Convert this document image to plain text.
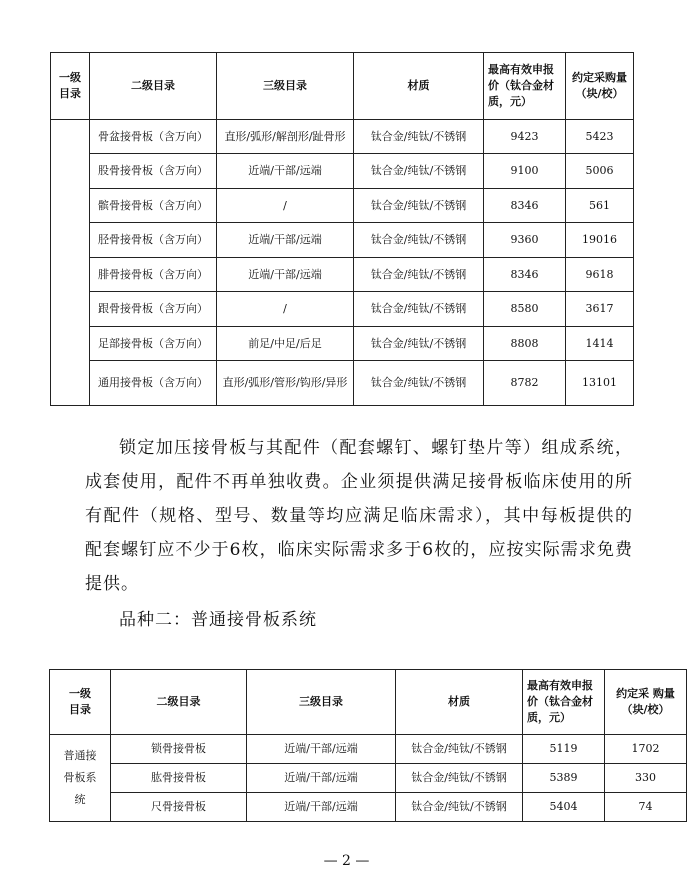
一级
目录	二级目录	三级目录	材质	最高有效申报
价（钛合金材
质，元）	约定采购量
（块/校）
	骨盆接骨板（含万向）	直形/弧形/解剖形/趾骨形	钛合金/纯钛/不锈钢	9423	5423
	股骨接骨板（含万向）	近端/干部/远端	钛合金/纯钛/不锈钢	9100	5006
	髌骨接骨板（含万向）	/	钛合金/纯钛/不锈钢	8346	561
	胫骨接骨板（含万向）	近端/干部/远端	钛合金/纯钛/不锈钢	9360	19016
	腓骨接骨板（含万向）	近端/干部/远端	钛合金/纯钛/不锈钢	8346	9618
	跟骨接骨板（含万向）	/	钛合金/纯钛/不锈钢	8580	3617
	足部接骨板（含万向）	前足/中足/后足	钛合金/纯钛/不锈钢	8808	1414
	通用接骨板（含万向）	直形/弧形/管形/钩形/异形	钛合金/纯钛/不锈钢	8782	13101

锁定加压接骨板与其配件（配套螺钉、螺钉垫片等）组成系统，成套使用，配件不再单独收费。企业须提供满足接骨板临床使用的所有配件（规格、型号、数量等均应满足临床需求），其中每板提供的配套螺钉应不少于6枚，临床实际需求多于6枚的，应按实际需求免费提供。

品种二：普通接骨板系统

一级
目录	二级目录	三级目录	材质	最高有效申报
价（钛合金材
质，元）	约定采 购量
（块/校）
普通接
骨板系
统	锁骨接骨板	近端/干部/远端	钛合金/纯钛/不锈钢	5119	1702
	肱骨接骨板	近端/干部/远端	钛合金/纯钛/不锈钢	5389	330
	尺骨接骨板	近端/干部/远端	钛合金/纯钛/不锈钢	5404	74
— 2 —
